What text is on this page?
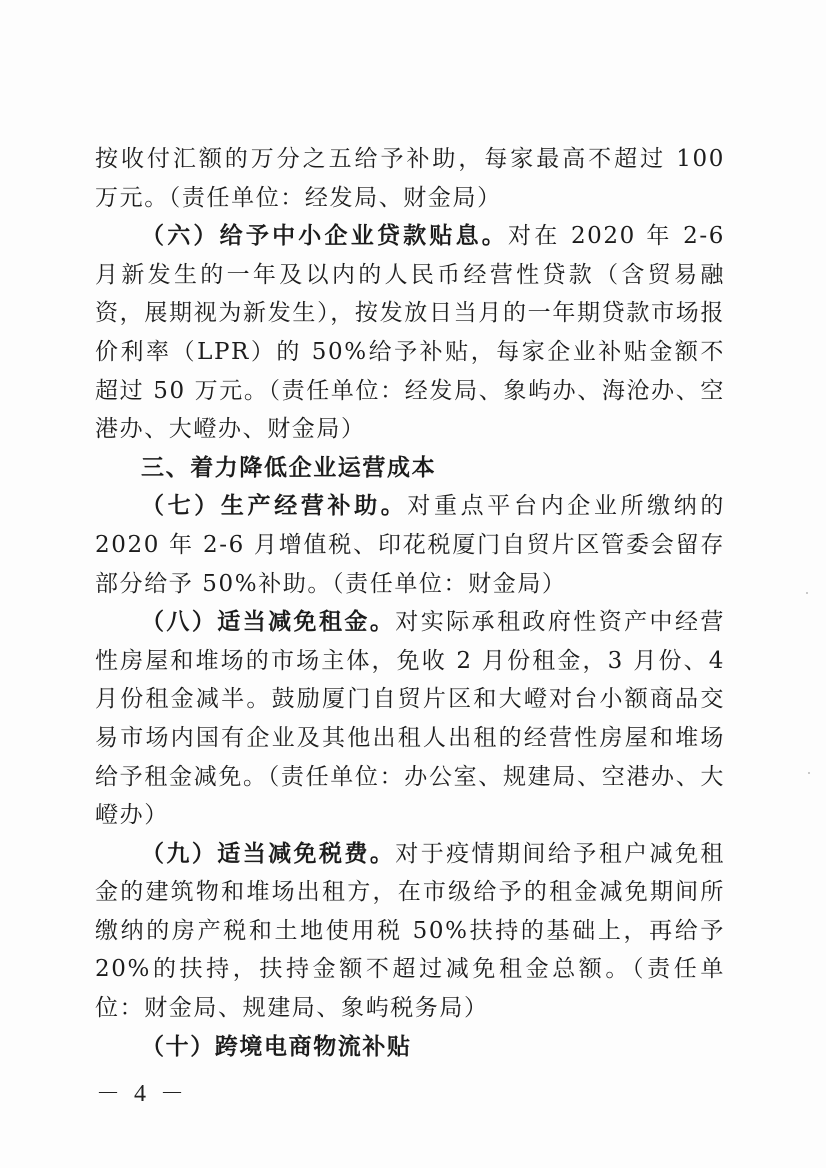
按收付汇额的万分之五给予补助，每家最高不超过 100 万元。（责任单位：经发局、财金局）

（六）给予中小企业贷款贴息。对在 2020 年 2-6 月新发生的一年及以内的人民币经营性贷款（含贸易融资，展期视为新发生），按发放日当月的一年期贷款市场报价利率（LPR）的 50%给予补贴，每家企业补贴金额不超过 50 万元。（责任单位：经发局、象屿办、海沧办、空港办、大嶝办、财金局）

三、着力降低企业运营成本

（七）生产经营补助。对重点平台内企业所缴纳的 2020 年 2-6 月增值税、印花税厦门自贸片区管委会留存部分给予 50%补助。（责任单位：财金局）

（八）适当减免租金。对实际承租政府性资产中经营性房屋和堆场的市场主体，免收 2 月份租金，3 月份、4 月份租金减半。鼓励厦门自贸片区和大嶝对台小额商品交易市场内国有企业及其他出租人出租的经营性房屋和堆场给予租金减免。（责任单位：办公室、规建局、空港办、大嶝办）

（九）适当减免税费。对于疫情期间给予租户减免租金的建筑物和堆场出租方，在市级给予的租金减免期间所缴纳的房产税和土地使用税 50%扶持的基础上，再给予 20%的扶持，扶持金额不超过减免租金总额。（责任单位：财金局、规建局、象屿税务局）

（十）跨境电商物流补贴

－ 4 －
